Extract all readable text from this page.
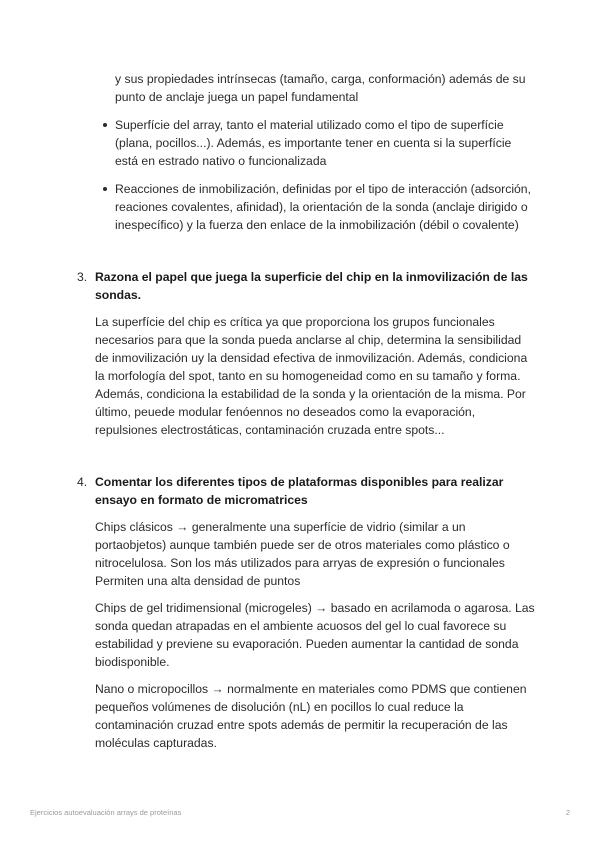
y sus propiedades intrínsecas (tamaño, carga, conformación) además de su punto de anclaje juega un papel fundamental

Superfície del array, tanto el material utilizado como el tipo de superfície (plana, pocillos...). Además, es importante tener en cuenta si la superfície está en estrado nativo o funcionalizada
Reacciones de inmobilización, definidas por el tipo de interacción (adsorción, reaciones covalentes, afinidad), la orientación de la sonda (anclaje dirigido o inespecífico) y la fuerza den enlace de la inmobilización (débil o covalente)
3. Razona el papel que juega la superficie del chip en la inmovilización de las sondas.

La superfície del chip es crítica ya que proporciona los grupos funcionales necesarios para que la sonda pueda anclarse al chip, determina la sensibilidad de inmovilización uy la densidad efectiva de inmovilización. Además, condiciona la morfología del spot, tanto en su homogeneidad como en su tamaño y forma. Además, condiciona la estabilidad de la sonda y la orientación de la misma. Por último, peuede modular fenóennos no deseados como la evaporación, repulsiones electrostáticas, contaminación cruzada entre spots...

4. Comentar los diferentes tipos de plataformas disponibles para realizar ensayo en formato de micromatrices

Chips clásicos → generalmente una superfície de vidrio (similar a un portaobjetos) aunque también puede ser de otros materiales como plástico o nitrocelulosa. Son los más utilizados para arryas de expresión o funcionales Permiten una alta densidad de puntos

Chips de gel tridimensional (microgeles) → basado en acrilamoda o agarosa. Las sonda quedan atrapadas en el ambiente acuosos del gel lo cual favorece su estabilidad y previene su evaporación. Pueden aumentar la cantidad de sonda biodisponible.

Nano o micropocillos → normalmente en materiales como PDMS que contienen pequeños volúmenes de disolución (nL) en pocillos lo cual reduce la contaminación cruzad entre spots además de permitir la recuperación de las moléculas capturadas.

Ejercicios autoevaluación arrays de proteínas	2
